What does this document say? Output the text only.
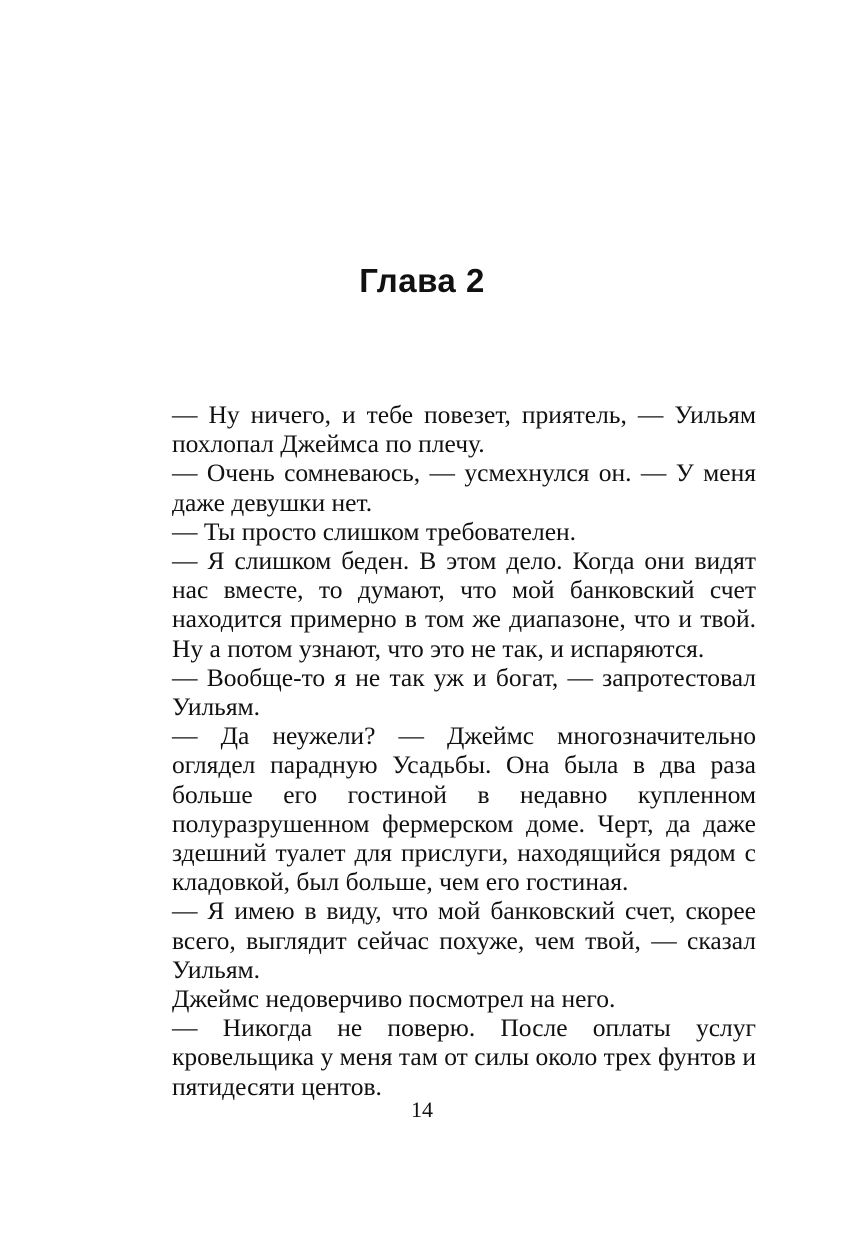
Глава 2

— Ну ничего, и тебе повезет, приятель, — Уильям похлопал Джеймса по плечу.

— Очень сомневаюсь, — усмехнулся он. — У меня даже девушки нет.

— Ты просто слишком требователен.

— Я слишком беден. В этом дело. Когда они видят нас вместе, то думают, что мой банковский счет находится примерно в том же диапазоне, что и твой. Ну а потом узнают, что это не так, и испаряются.

— Вообще-то я не так уж и богат, — запротестовал Уильям.

— Да неужели? — Джеймс многозначительно оглядел парадную Усадьбы. Она была в два раза больше его гостиной в недавно купленном полуразрушенном фермерском доме. Черт, да даже здешний туалет для прислуги, находящийся рядом с кладовкой, был больше, чем его гостиная.

— Я имею в виду, что мой банковский счет, скорее всего, выглядит сейчас похуже, чем твой, — сказал Уильям.

Джеймс недоверчиво посмотрел на него.

— Никогда не поверю. После оплаты услуг кровельщика у меня там от силы около трех фунтов и пятидесяти центов.

14
